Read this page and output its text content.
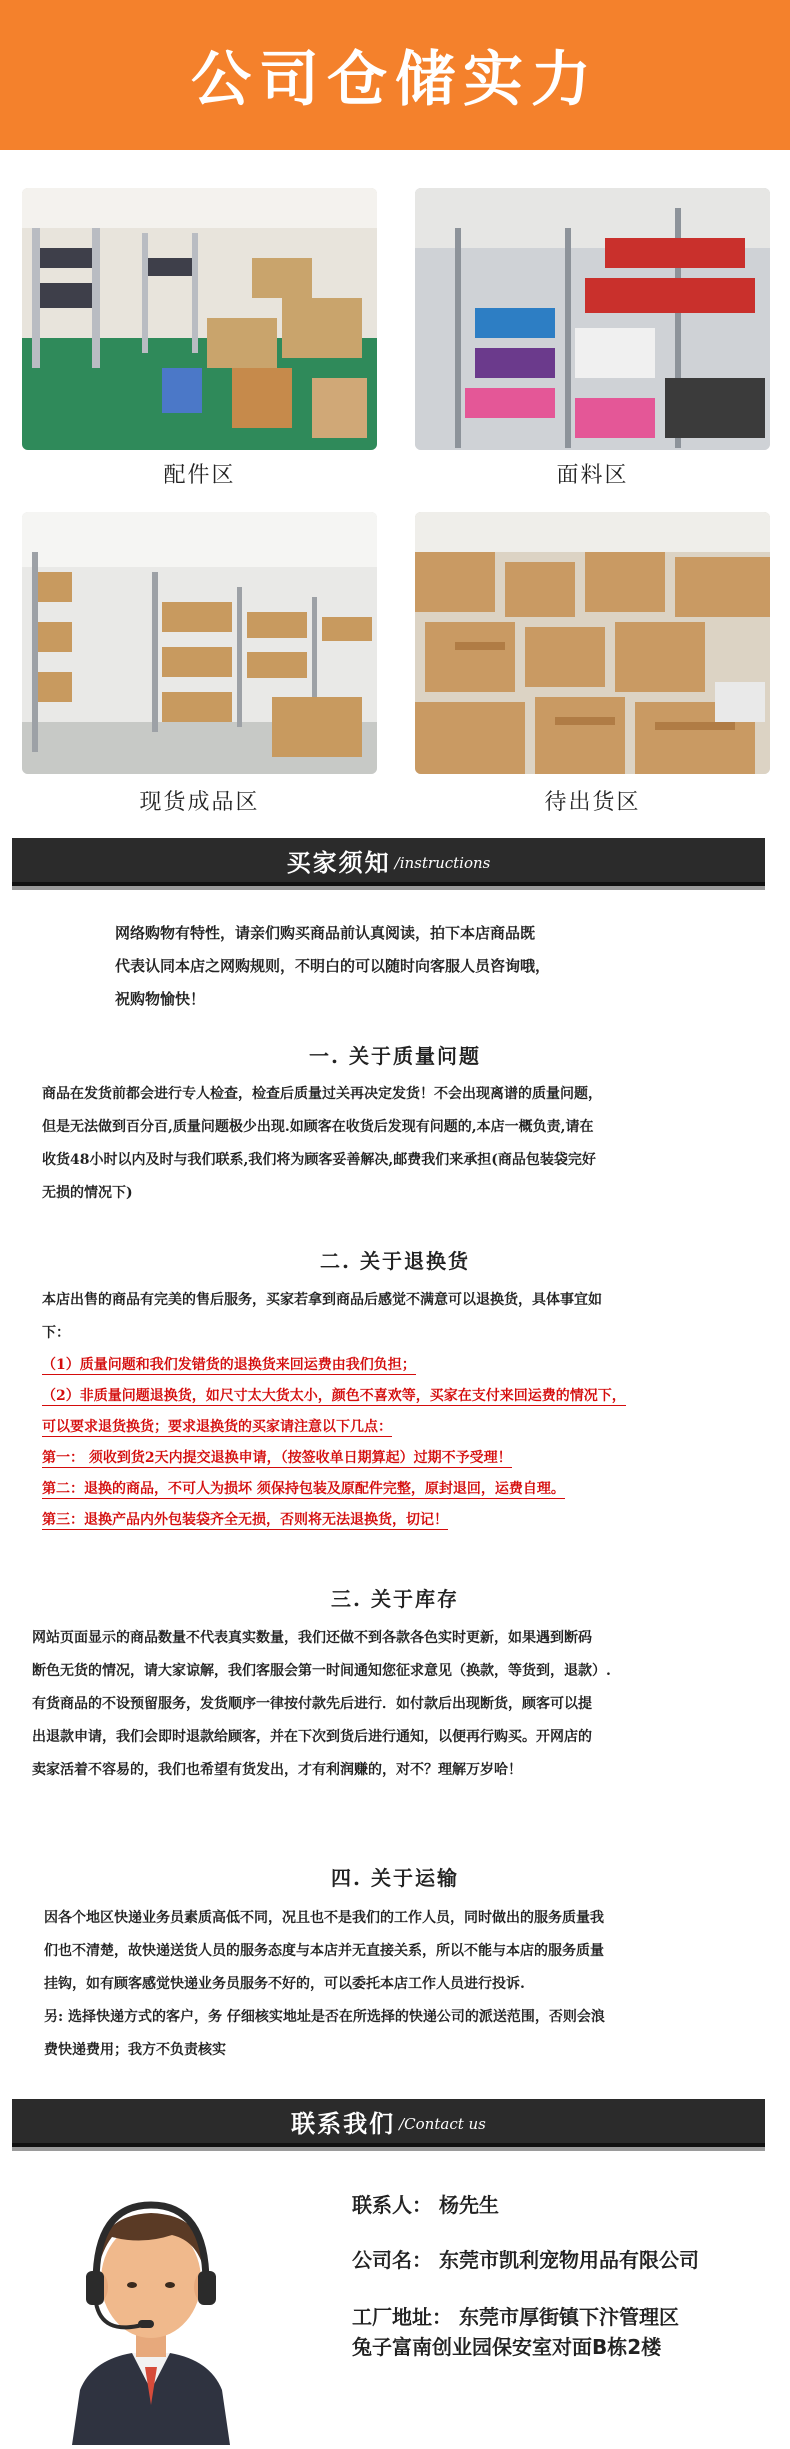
公司仓储实力
配件区	面料区
现货成品区	待出货区
买家须知 /instructions

网络购物有特性，请亲们购买商品前认真阅读，拍下本店商品既

代表认同本店之网购规则，不明白的可以随时向客服人员咨询哦，

祝购物愉快！

一. 关于质量问题

商品在发货前都会进行专人检查，检查后质量过关再决定发货！不会出现离谱的质量问题，

但是无法做到百分百,质量问题极少出现.如顾客在收货后发现有问题的,本店一概负责,请在

收货48小时以内及时与我们联系,我们将为顾客妥善解决,邮费我们来承担(商品包装袋完好

无损的情况下)

二. 关于退换货

本店出售的商品有完美的售后服务，买家若拿到商品后感觉不满意可以退换货，具体事宜如

下：

（1）质量问题和我们发错货的退换货来回运费由我们负担；

（2）非质量问题退换货，如尺寸太大货太小，颜色不喜欢等，买家在支付来回运费的情况下，

可以要求退货换货；要求退换货的买家请注意以下几点：

第一： 须收到货2天内提交退换申请，（按签收单日期算起）过期不予受理！

第二：退换的商品，不可人为损坏 须保持包装及原配件完整，原封退回，运费自理。

第三：退换产品内外包装袋齐全无损，否则将无法退换货，切记！

三. 关于库存

网站页面显示的商品数量不代表真实数量，我们还做不到各款各色实时更新，如果遇到断码

断色无货的情况，请大家谅解，我们客服会第一时间通知您征求意见（换款，等货到，退款）.

有货商品的不设预留服务，发货顺序一律按付款先后进行．如付款后出现断货，顾客可以提

出退款申请，我们会即时退款给顾客，并在下次到货后进行通知，以便再行购买。开网店的

卖家活着不容易的，我们也希望有货发出，才有利润赚的，对不？理解万岁哈！

四. 关于运输

因各个地区快递业务员素质高低不同，况且也不是我们的工作人员，同时做出的服务质量我

们也不清楚，故快递送货人员的服务态度与本店并无直接关系，所以不能与本店的服务质量

挂钩，如有顾客感觉快递业务员服务不好的，可以委托本店工作人员进行投诉.

另: 选择快递方式的客户，务 仔细核实地址是否在所选择的快递公司的派送范围，否则会浪

费快递费用；我方不负责核实

联系我们 /Contact us

联系人： 杨先生

公司名： 东莞市凯利宠物用品有限公司

工厂地址： 东莞市厚街镇下汴管理区

兔子富南创业园保安室对面B栋2楼
